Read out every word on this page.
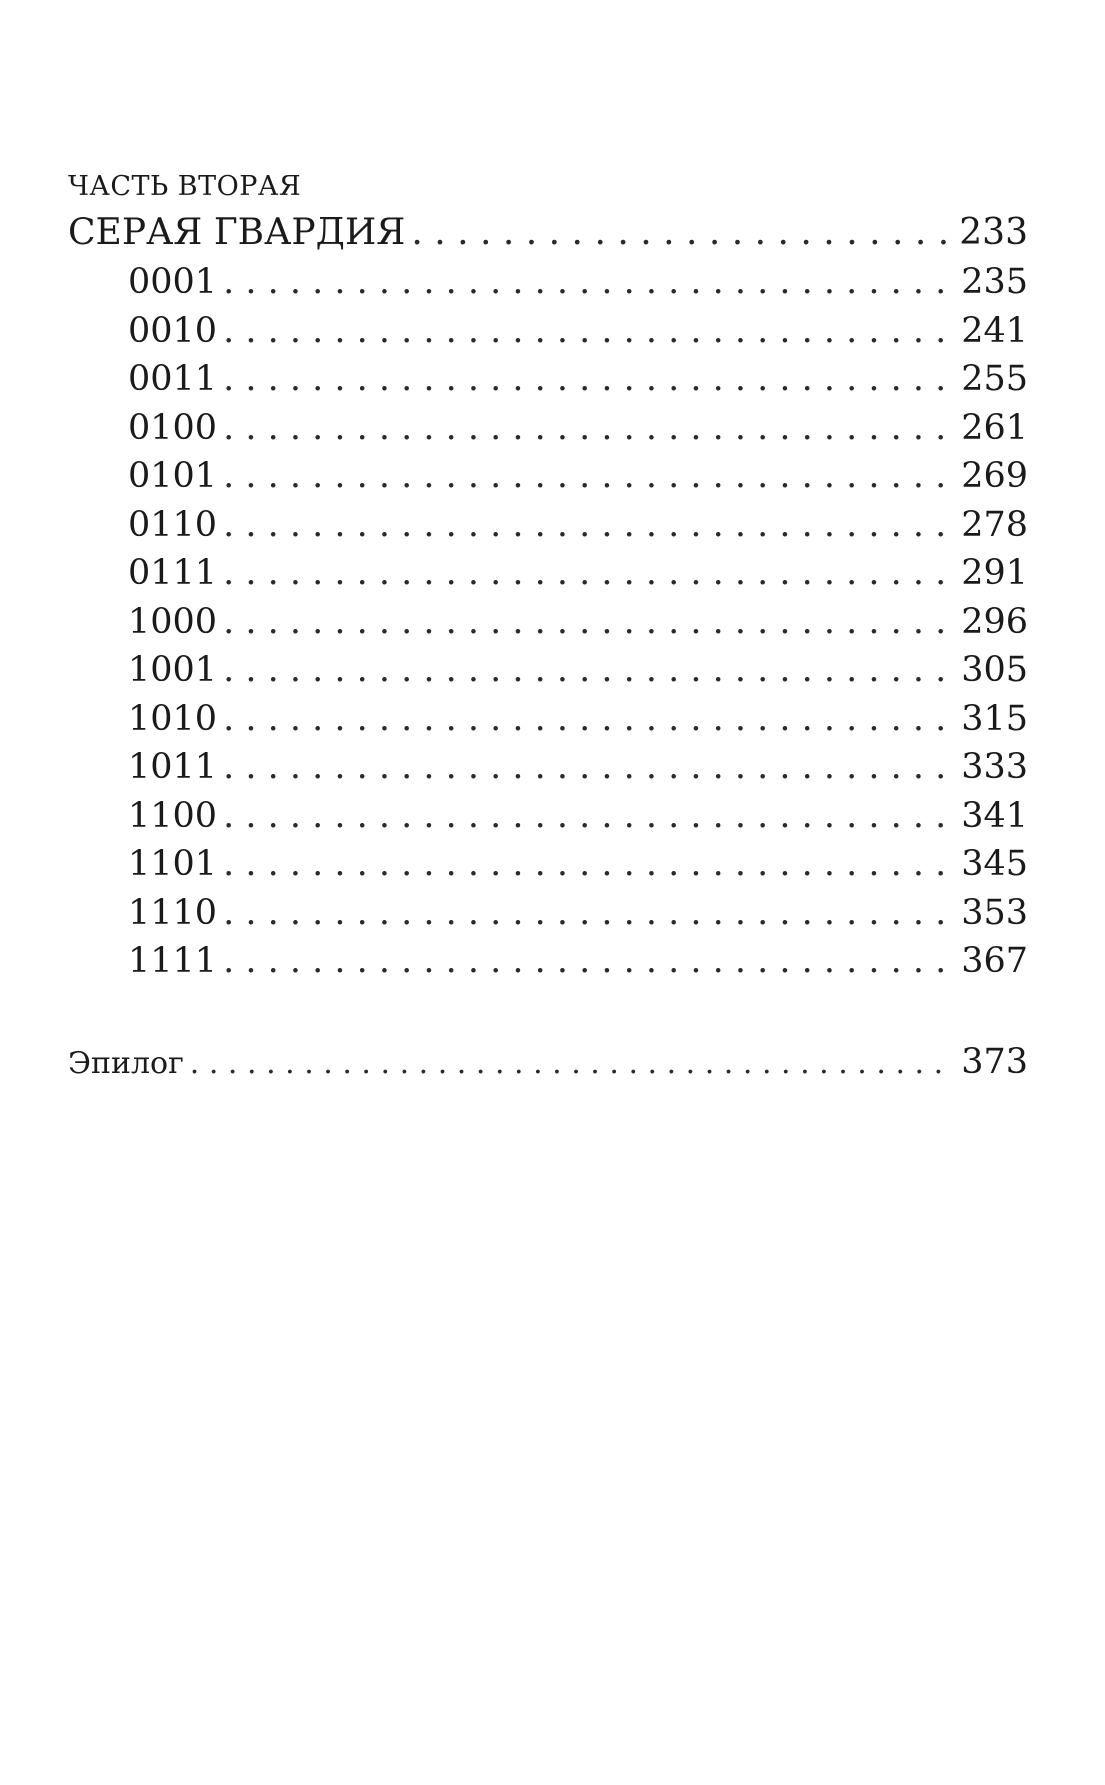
ЧАСТЬ ВТОРАЯ
СЕРАЯ ГВАРДИЯ . . .	233
0001 . . .	235
0010 . . .	241
0011 . . .	255
0100 . . .	261
0101 . . .	269
0110 . . .	278
0111 . . .	291
1000 . . .	296
1001 . . .	305
1010 . . .	315
1011 . . .	333
1100 . . .	341
1101 . . .	345
1110 . . .	353
1111 . . .	367
Эпилог . . .	373
